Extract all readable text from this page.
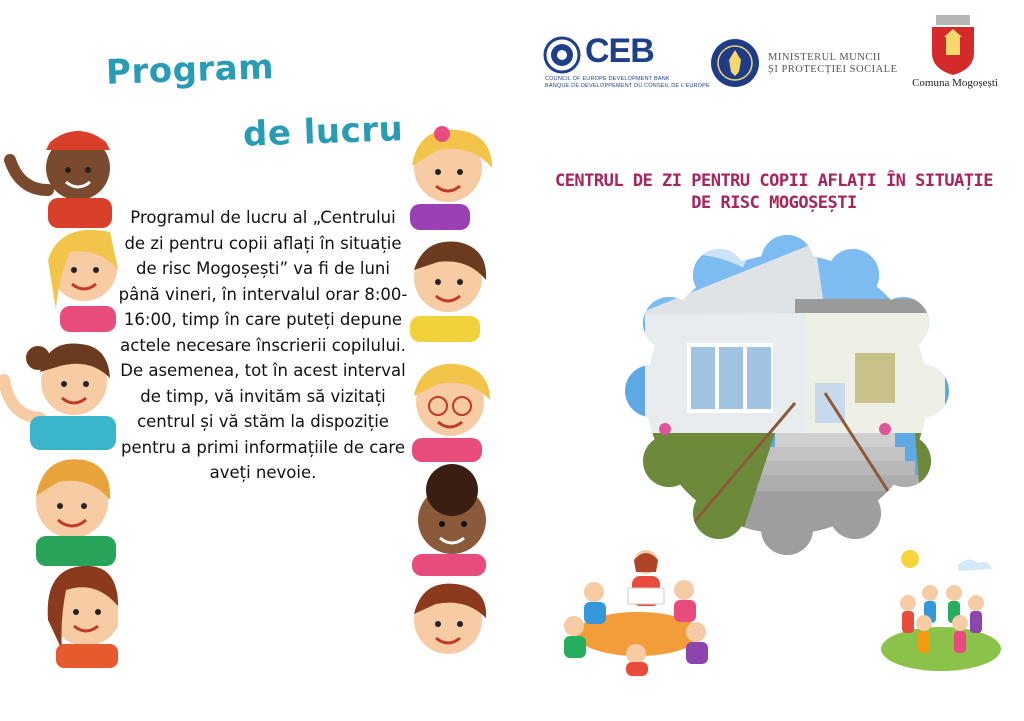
Program
de lucru

Programul de lucru al „Centrului de zi pentru copii aflați în situație de risc Mogoșești” va fi de luni până vineri, în intervalul orar 8:00-16:00, timp în care puteți depune actele necesare înscrierii copilului.

De asemenea, tot în acest interval de timp, vă invităm să vizitați centrul și vă stăm la dispoziție pentru a primi informațiile de care aveți nevoie.

CEB
COUNCIL OF EUROPE DEVELOPMENT BANK
BANQUE DE DÉVELOPPEMENT DU CONSEIL DE L'EUROPE
MINISTERUL MUNCII
ȘI PROTECȚIEI SOCIALE
Comuna Mogoșești
CENTRUL DE ZI PENTRU COPII AFLAȚI ÎN SITUAȚIE
DE RISC MOGOȘEȘTI
